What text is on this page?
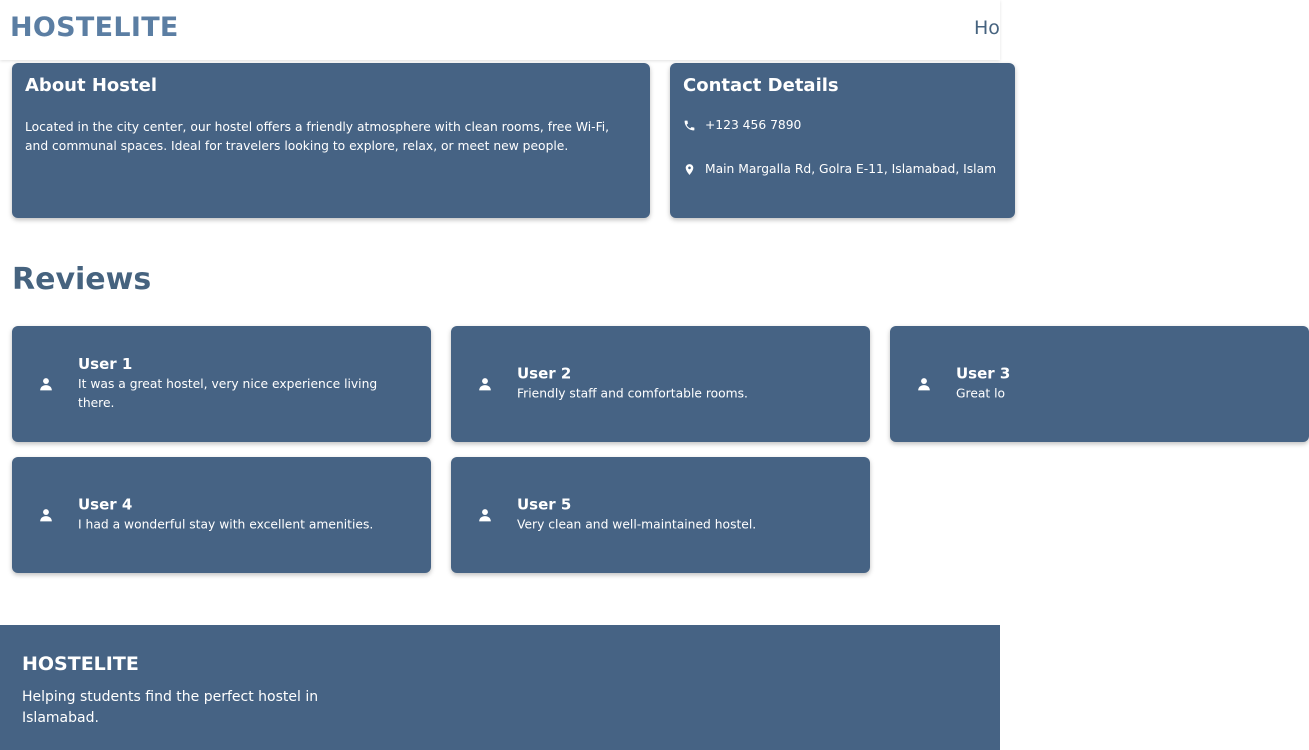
HOSTELITE	Ho
About Hostel
Located in the city center, our hostel offers a friendly atmosphere with clean rooms, free Wi-Fi, and communal spaces. Ideal for travelers looking to explore, relax, or meet new people.
Contact Details
+123 456 7890
Main Margalla Rd, Golra E-11, Islamabad, Islam
Reviews
User 1
It was a great hostel, very nice experience living there.
User 2
Friendly staff and comfortable rooms.
User 3
Great lo
User 4
I had a wonderful stay with excellent amenities.
User 5
Very clean and well-maintained hostel.
HOSTELITE
Helping students find the perfect hostel in Islamabad.
